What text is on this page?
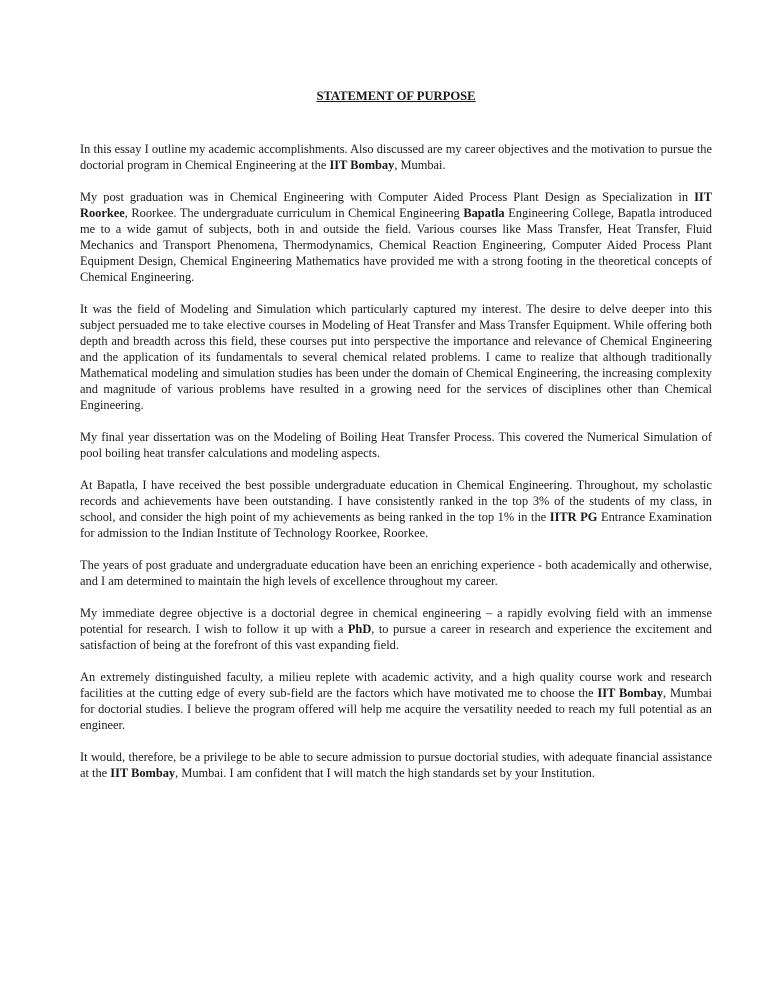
STATEMENT OF PURPOSE

In this essay I outline my academic accomplishments. Also discussed are my career objectives and the motivation to pursue the doctorial program in Chemical Engineering at the IIT Bombay, Mumbai.

My post graduation was in Chemical Engineering with Computer Aided Process Plant Design as Specialization in IIT Roorkee, Roorkee. The undergraduate curriculum in Chemical Engineering Bapatla Engineering College, Bapatla introduced me to a wide gamut of subjects, both in and outside the field. Various courses like Mass Transfer, Heat Transfer, Fluid Mechanics and Transport Phenomena, Thermodynamics, Chemical Reaction Engineering, Computer Aided Process Plant Equipment Design, Chemical Engineering Mathematics have provided me with a strong footing in the theoretical concepts of Chemical Engineering.

It was the field of Modeling and Simulation which particularly captured my interest. The desire to delve deeper into this subject persuaded me to take elective courses in Modeling of Heat Transfer and Mass Transfer Equipment. While offering both depth and breadth across this field, these courses put into perspective the importance and relevance of Chemical Engineering and the application of its fundamentals to several chemical related problems. I came to realize that although traditionally Mathematical modeling and simulation studies has been under the domain of Chemical Engineering, the increasing complexity and magnitude of various problems have resulted in a growing need for the services of disciplines other than Chemical Engineering.

My final year dissertation was on the Modeling of Boiling Heat Transfer Process. This covered the Numerical Simulation of pool boiling heat transfer calculations and modeling aspects.

At Bapatla, I have received the best possible undergraduate education in Chemical Engineering. Throughout, my scholastic records and achievements have been outstanding. I have consistently ranked in the top 3% of the students of my class, in school, and consider the high point of my achievements as being ranked in the top 1% in the IITR PG Entrance Examination for admission to the Indian Institute of Technology Roorkee, Roorkee.

The years of post graduate and undergraduate education have been an enriching experience - both academically and otherwise, and I am determined to maintain the high levels of excellence throughout my career.

My immediate degree objective is a doctorial degree in chemical engineering – a rapidly evolving field with an immense potential for research. I wish to follow it up with a PhD, to pursue a career in research and experience the excitement and satisfaction of being at the forefront of this vast expanding field.

An extremely distinguished faculty, a milieu replete with academic activity, and a high quality course work and research facilities at the cutting edge of every sub-field are the factors which have motivated me to choose the IIT Bombay, Mumbai for doctorial studies. I believe the program offered will help me acquire the versatility needed to reach my full potential as an engineer.

It would, therefore, be a privilege to be able to secure admission to pursue doctorial studies, with adequate financial assistance at the IIT Bombay, Mumbai. I am confident that I will match the high standards set by your Institution.
